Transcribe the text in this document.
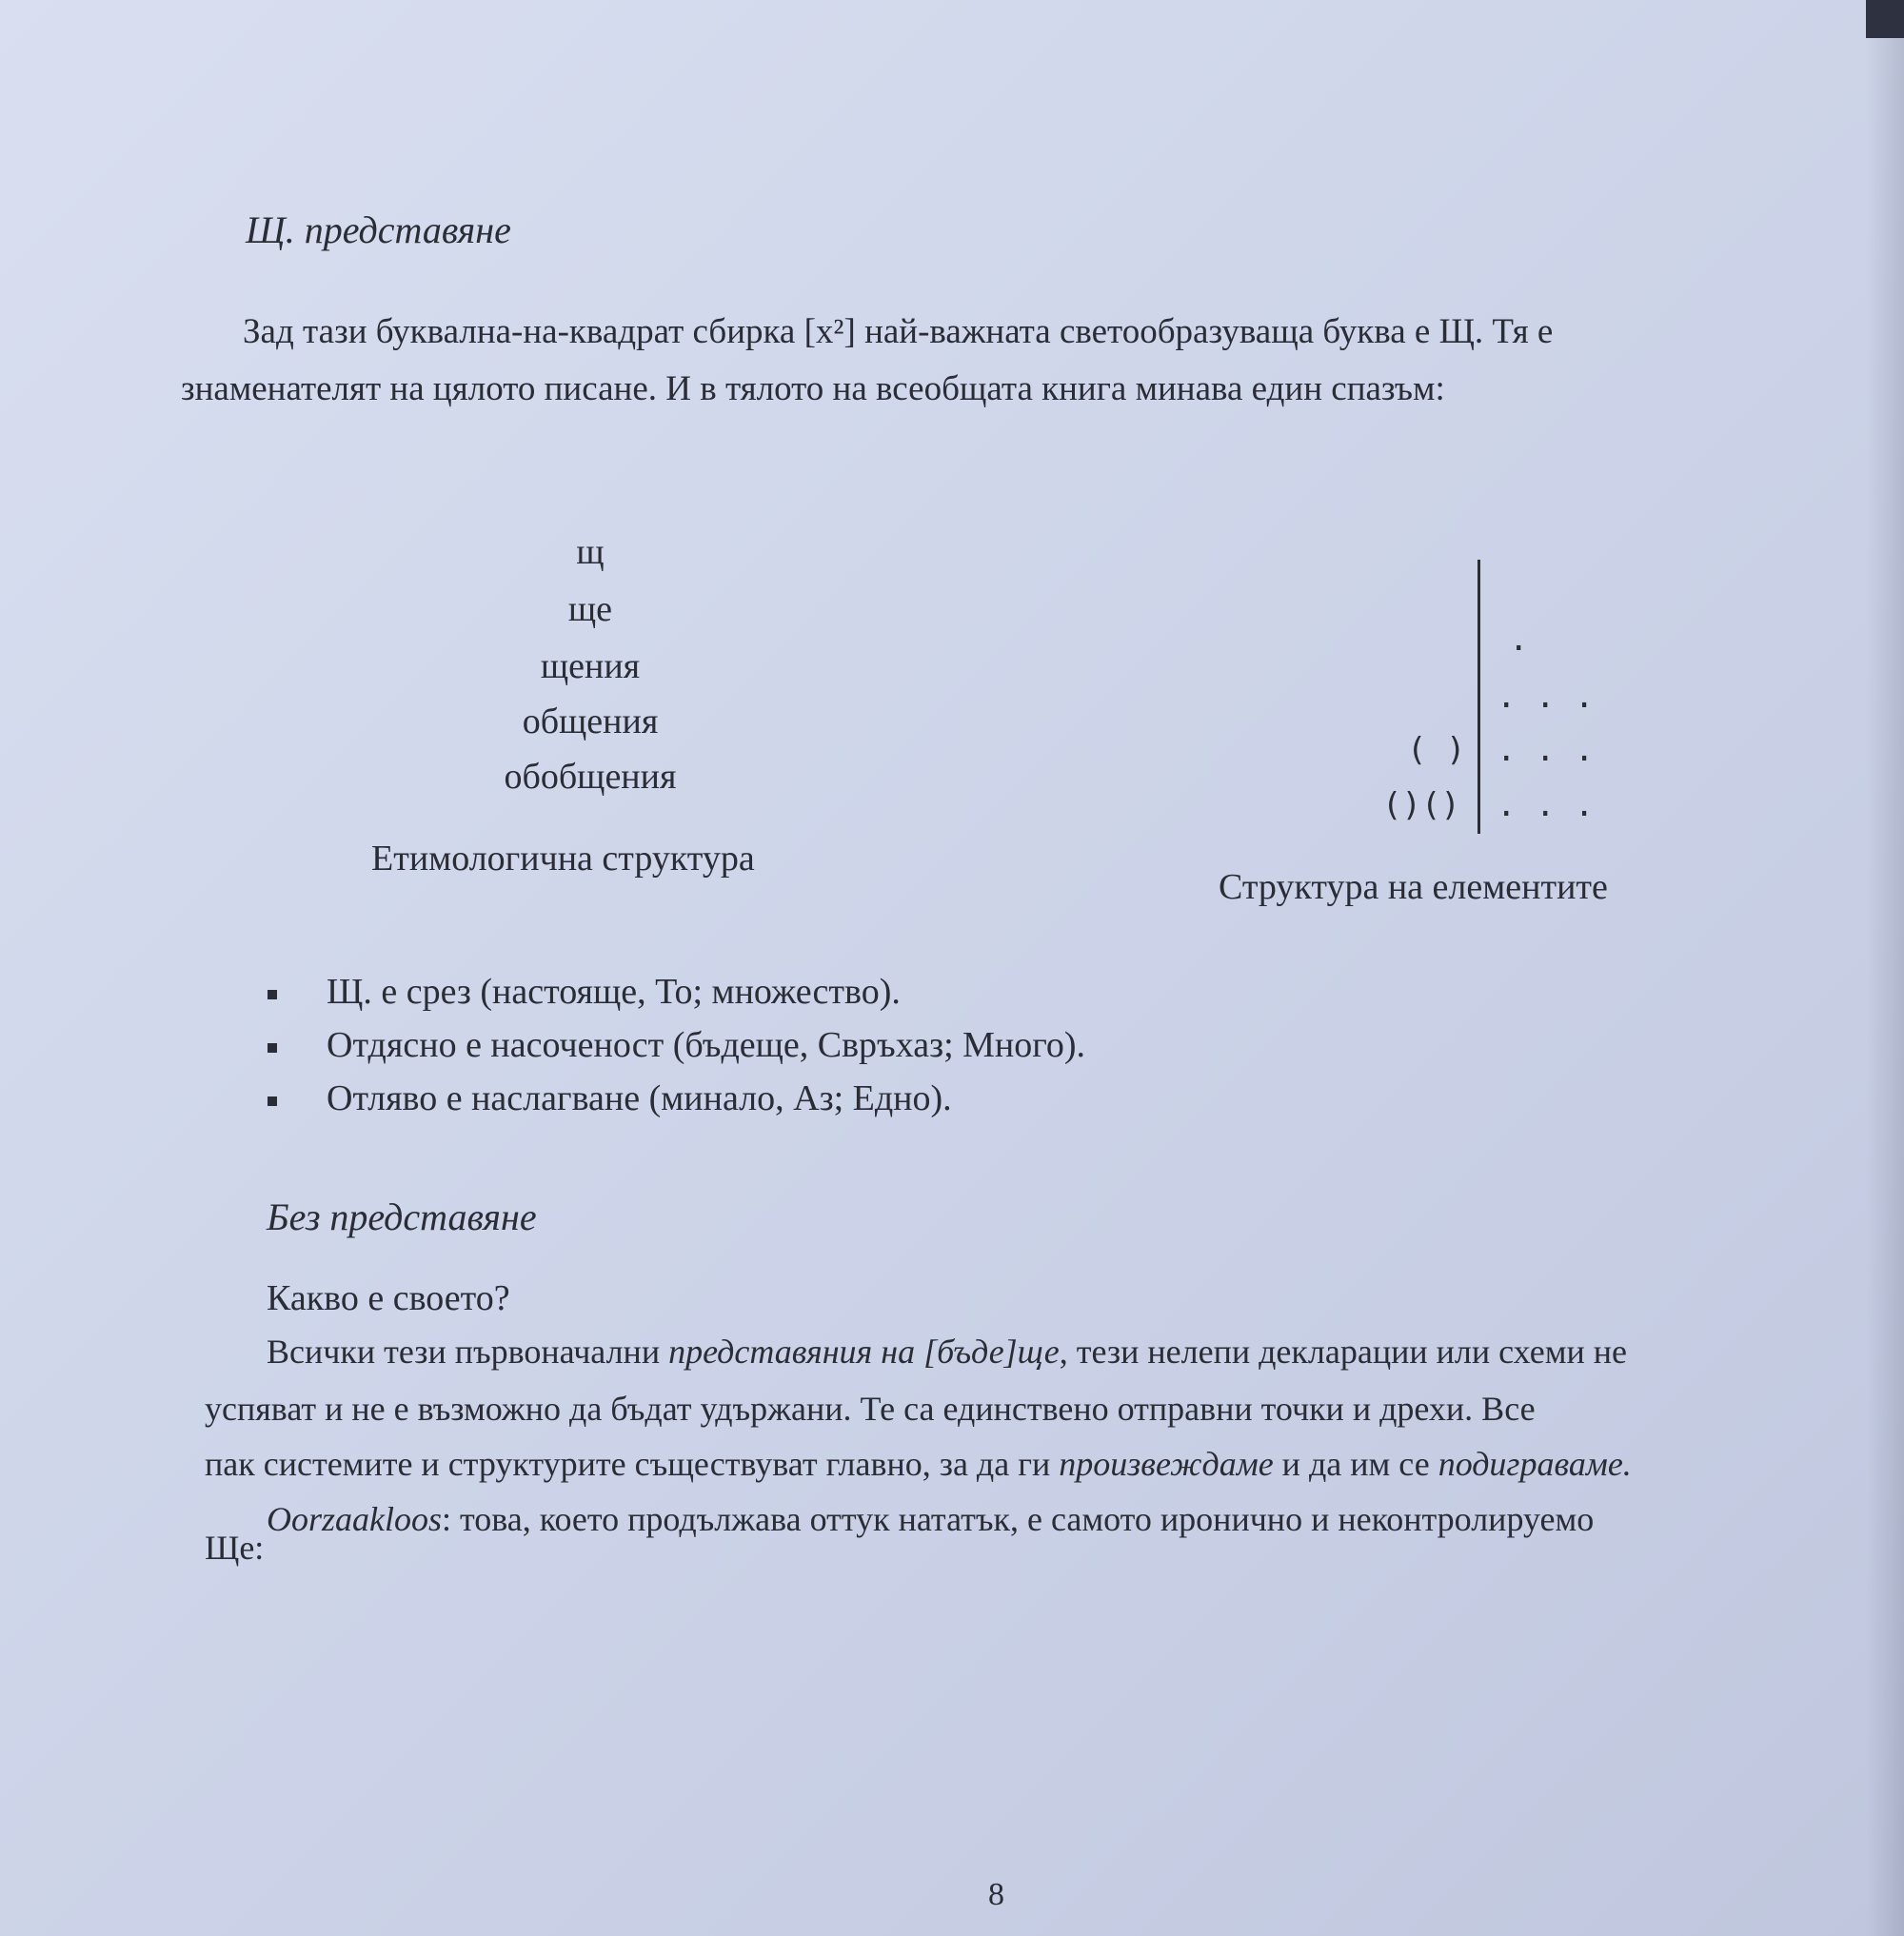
Щ. представяне
Зад тази буквална-на-квадрат сбирка [x²] най-важната светообразуваща буква е Щ. Тя е
знаменателят на цялото писане. И в тялото на всеобщата книга минава един спазъм:
щ
ще
щения
общения
обобщения
Етимологична структура
.
. . .
( ) . . .
()() . . .
Структура на елементите
Щ. е срез (настояще, То; множество).
Отдясно е насоченост (бъдеще, Свръхаз; Много).
Отляво е наслагване (минало, Аз; Едно).
Без представяне
Какво е своето?
Всички тези първоначални представяния на [бъде]ще, тези нелепи декларации или схеми не
успяват и не е възможно да бъдат удържани. Те са единствено отправни точки и дрехи. Все
пак системите и структурите съществуват главно, за да ги произвеждаме и да им се подиграваме.
Oorzaakloos: това, което продължава оттук нататък, е самото иронично и неконтролируемо
Ще:
8
